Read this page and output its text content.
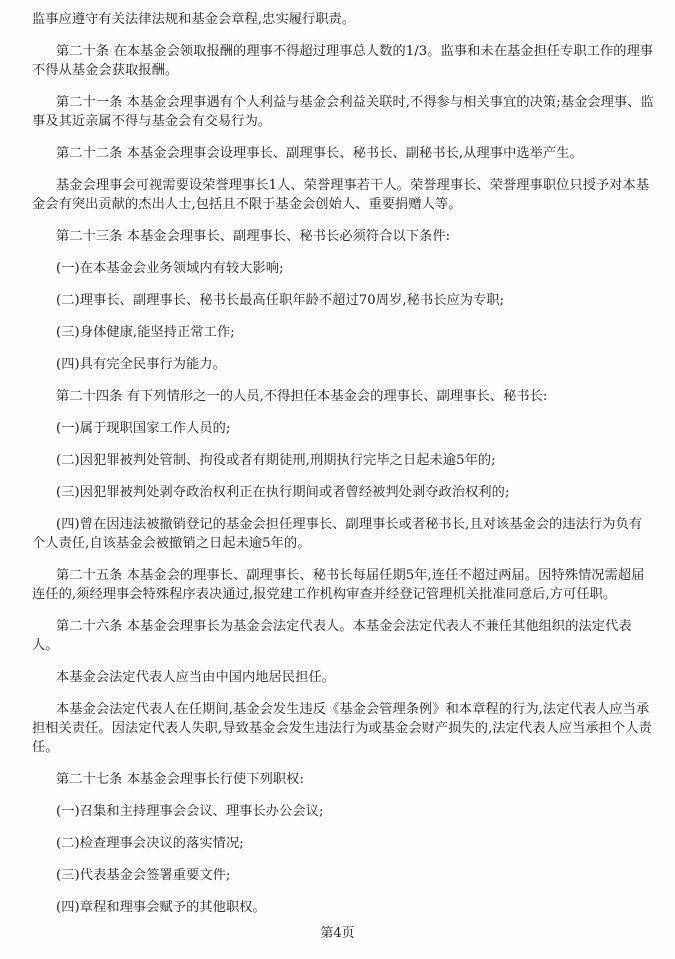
监事应遵守有关法律法规和基金会章程,忠实履行职责。

第二十条 在本基金会领取报酬的理事不得超过理事总人数的1/3。监事和未在基金担任专职工作的理事不得从基金会获取报酬。

第二十一条 本基金会理事遇有个人利益与基金会利益关联时,不得参与相关事宜的决策;基金会理事、监事及其近亲属不得与基金会有交易行为。

第二十二条 本基金会理事会设理事长、副理事长、秘书长、副秘书长,从理事中选举产生。

基金会理事会可视需要设荣誉理事长1人、荣誉理事若干人。荣誉理事长、荣誉理事职位只授予对本基金会有突出贡献的杰出人士,包括且不限于基金会创始人、重要捐赠人等。

第二十三条 本基金会理事长、副理事长、秘书长必须符合以下条件:

(一)在本基金会业务领域内有较大影响;

(二)理事长、副理事长、秘书长最高任职年龄不超过70周岁,秘书长应为专职;

(三)身体健康,能坚持正常工作;

(四)具有完全民事行为能力。

第二十四条 有下列情形之一的人员,不得担任本基金会的理事长、副理事长、秘书长:

(一)属于现职国家工作人员的;

(二)因犯罪被判处管制、拘役或者有期徒刑,刑期执行完毕之日起未逾5年的;

(三)因犯罪被判处剥夺政治权利正在执行期间或者曾经被判处剥夺政治权利的;

(四)曾在因违法被撤销登记的基金会担任理事长、副理事长或者秘书长,且对该基金会的违法行为负有个人责任,自该基金会被撤销之日起未逾5年的。

第二十五条 本基金会的理事长、副理事长、秘书长每届任期5年,连任不超过两届。因特殊情况需超届连任的,须经理事会特殊程序表决通过,报党建工作机构审查并经登记管理机关批准同意后,方可任职。

第二十六条 本基金会理事长为基金会法定代表人。本基金会法定代表人不兼任其他组织的法定代表人。

本基金会法定代表人应当由中国内地居民担任。

本基金会法定代表人在任期间,基金会发生违反《基金会管理条例》和本章程的行为,法定代表人应当承担相关责任。因法定代表人失职,导致基金会发生违法行为或基金会财产损失的,法定代表人应当承担个人责任。

第二十七条 本基金会理事长行使下列职权:

(一)召集和主持理事会会议、理事长办公会议;

(二)检查理事会决议的落实情况;

(三)代表基金会签署重要文件;

(四)章程和理事会赋予的其他职权。

第4页
